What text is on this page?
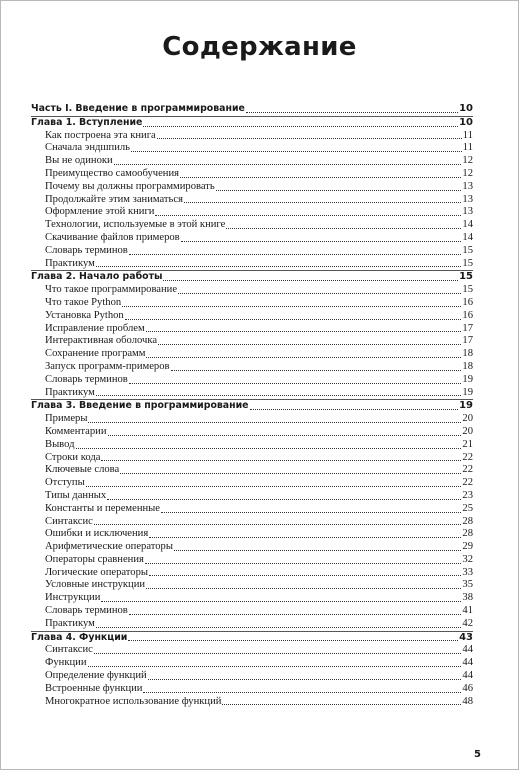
Содержание
Часть I. Введение в программирование	10
Глава 1. Вступление	10
Как построена эта книга	11
Сначала эндшпиль	11
Вы не одиноки	12
Преимущество самообучения	12
Почему вы должны программировать	13
Продолжайте этим заниматься	13
Оформление этой книги	13
Технологии, используемые в этой книге	14
Скачивание файлов примеров	14
Словарь терминов	15
Практикум	15
Глава 2. Начало работы	15
Что такое программирование	15
Что такое Python	16
Установка Python	16
Исправление проблем	17
Интерактивная оболочка	17
Сохранение программ	18
Запуск программ-примеров	18
Словарь терминов	19
Практикум	19
Глава 3. Введение в программирование	19
Примеры	20
Комментарии	20
Вывод	21
Строки кода	22
Ключевые слова	22
Отступы	22
Типы данных	23
Константы и переменные	25
Синтаксис	28
Ошибки и исключения	28
Арифметические операторы	29
Операторы сравнения	32
Логические операторы	33
Условные инструкции	35
Инструкции	38
Словарь терминов	41
Практикум	42
Глава 4. Функции	43
Синтаксис	44
Функции	44
Определение функций	44
Встроенные функции	46
Многократное использование функций	48
5
